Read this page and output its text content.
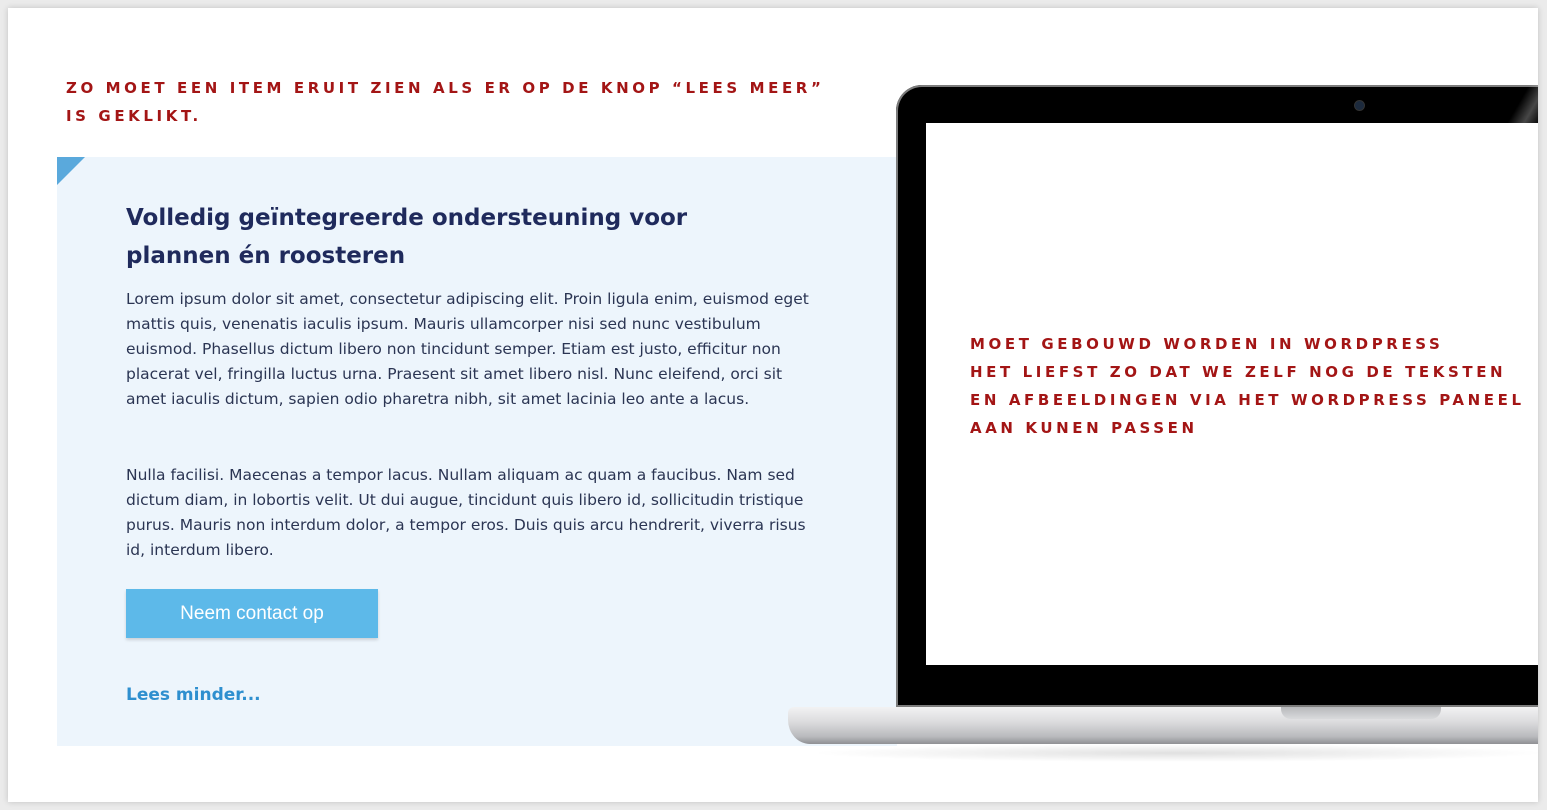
ZO MOET EEN ITEM ERUIT ZIEN ALS ER OP DE KNOP “LEES MEER” IS GEKLIKT.

Volledig geïntegreerde ondersteuning voor plannen én roosteren

Lorem ipsum dolor sit amet, consectetur adipiscing elit. Proin ligula enim, euismod eget mattis quis, venenatis iaculis ipsum. Mauris ullamcorper nisi sed nunc vestibulum euismod. Phasellus dictum libero non tincidunt semper. Etiam est justo, efficitur non placerat vel, fringilla luctus urna. Praesent sit amet libero nisl. Nunc eleifend, orci sit amet iaculis dictum, sapien odio pharetra nibh, sit amet lacinia leo ante a lacus.

Nulla facilisi. Maecenas a tempor lacus. Nullam aliquam ac quam a faucibus. Nam sed dictum diam, in lobortis velit. Ut dui augue, tincidunt quis libero id, sollicitudin tristique purus. Mauris non interdum dolor, a tempor eros. Duis quis arcu hendrerit, viverra risus id, interdum libero.

Neem contact op
Lees minder...
MOET GEBOUWD WORDEN IN WORDPRESS
HET LIEFST ZO DAT WE ZELF NOG DE TEKSTEN
EN AFBEELDINGEN VIA HET WORDPRESS PANEEL
AAN KUNEN PASSEN
